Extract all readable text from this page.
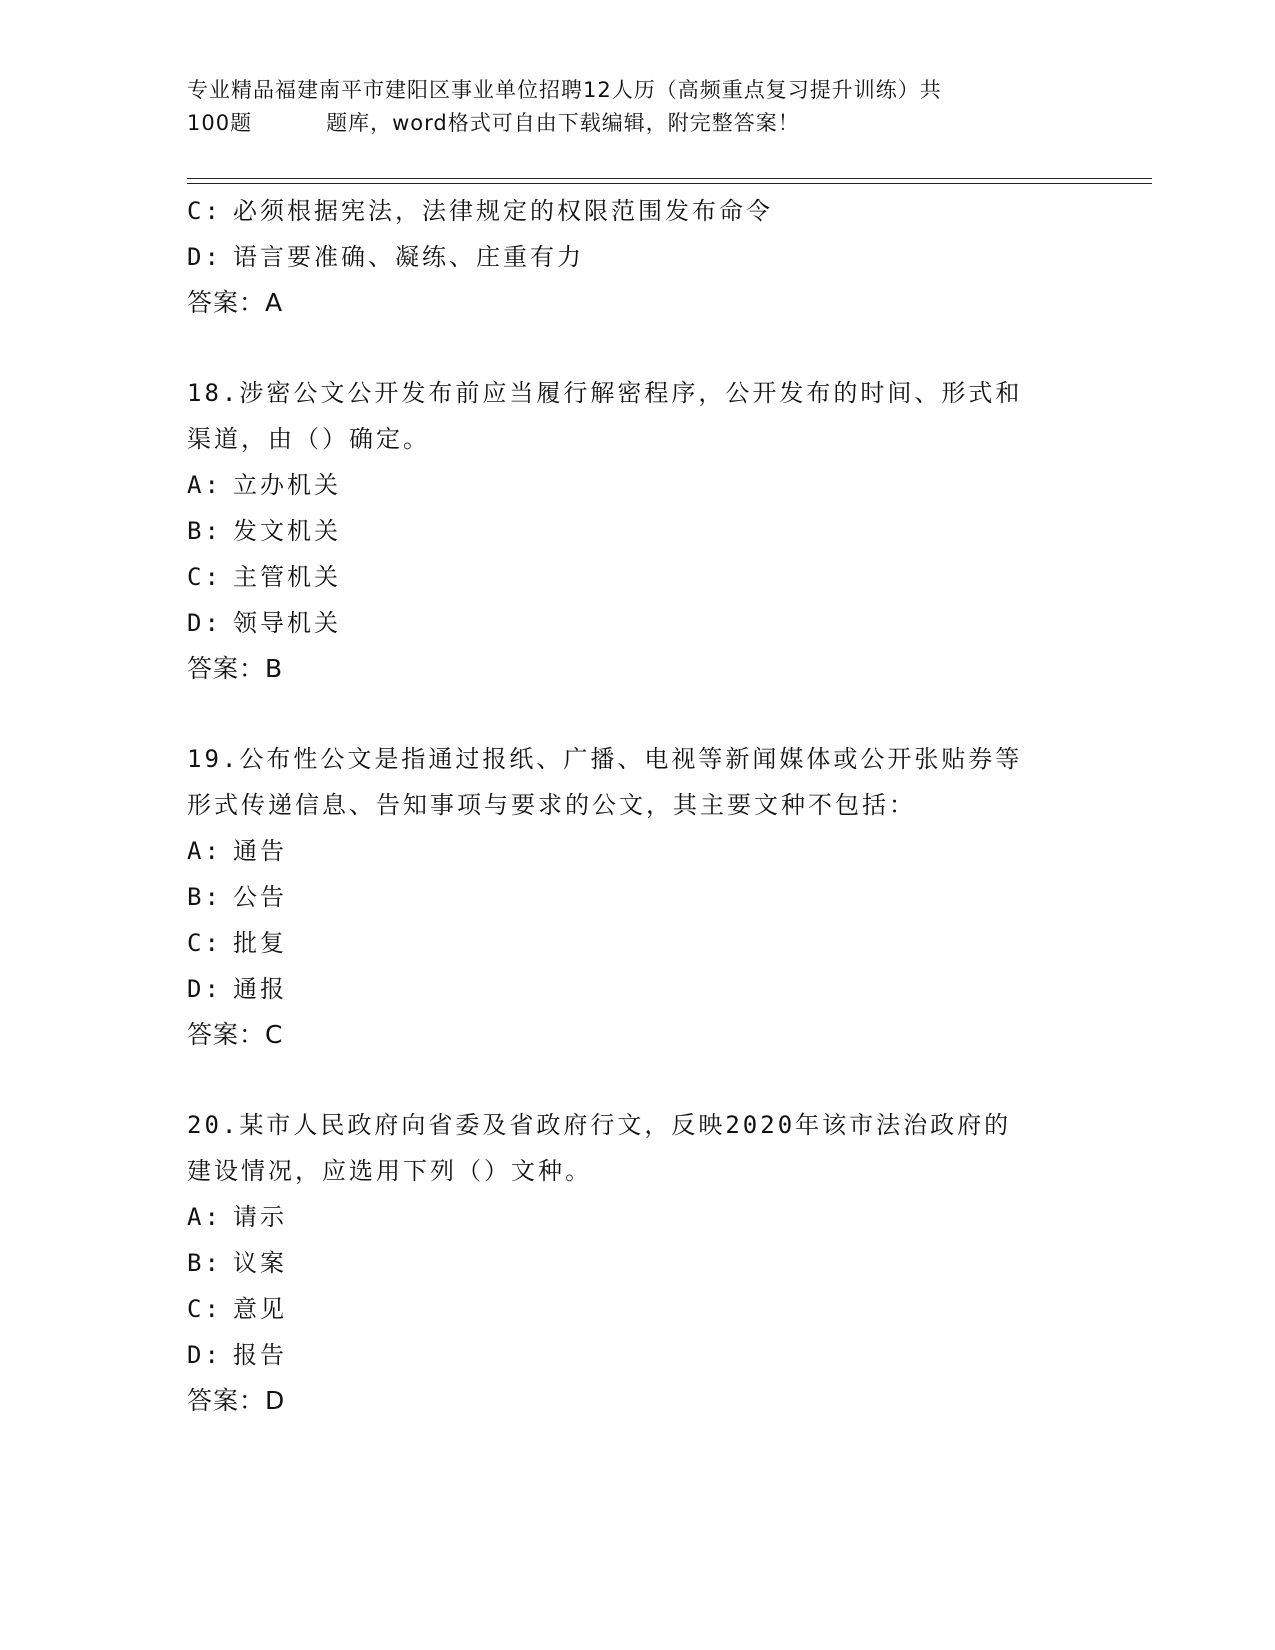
专业精品福建南平市建阳区事业单位招聘12人历（高频重点复习提升训练）共
100题	题库，word格式可自由下载编辑，附完整答案！
C: 必须根据宪法，法律规定的权限范围发布命令
D: 语言要准确、凝练、庄重有力
答案：A
18.涉密公文公开发布前应当履行解密程序，公开发布的时间、形式和
渠道，由（）确定。
A: 立办机关
B: 发文机关
C: 主管机关
D: 领导机关
答案：B
19.公布性公文是指通过报纸、广播、电视等新闻媒体或公开张贴券等
形式传递信息、告知事项与要求的公文，其主要文种不包括：
A: 通告
B: 公告
C: 批复
D: 通报
答案：C
20.某市人民政府向省委及省政府行文，反映2020年该市法治政府的
建设情况，应选用下列（）文种。
A: 请示
B: 议案
C: 意见
D: 报告
答案：D
